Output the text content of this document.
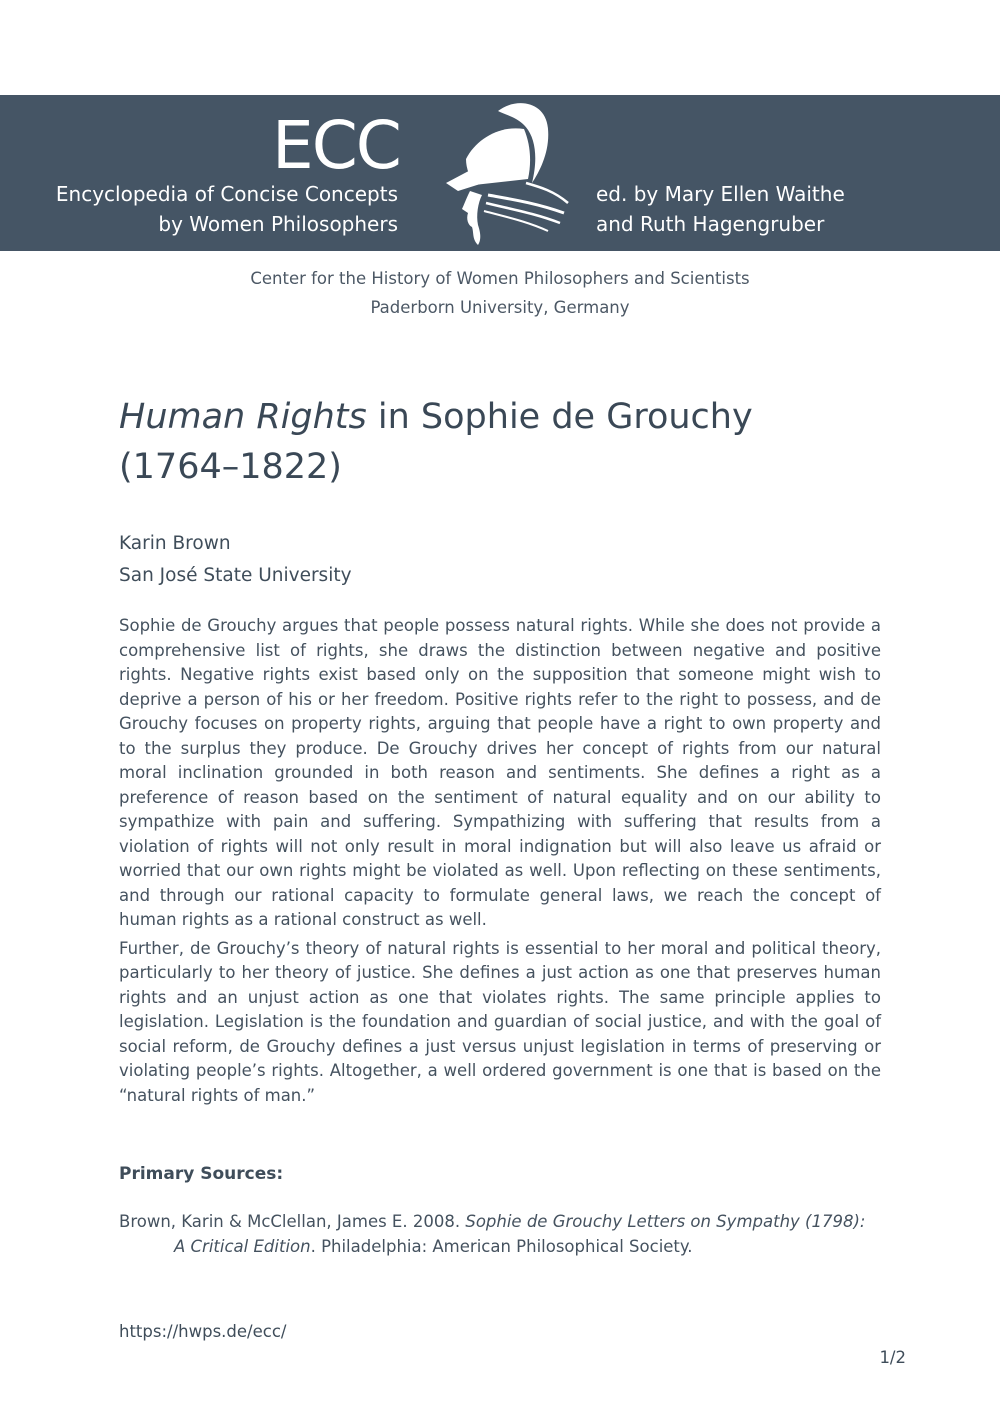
ECC
Encyclopedia of Concise Concepts
by Women Philosophers
ed. by Mary Ellen Waithe
and Ruth Hagengruber
Center for the History of Women Philosophers and Scientists
Paderborn University, Germany
Human Rights in Sophie de Grouchy (1764–1822)
Karin Brown
San José State University

Sophie de Grouchy argues that people possess natural rights. While she does not provide a comprehensive list of rights, she draws the distinction between negative and positive rights. Negative rights exist based only on the supposition that someone might wish to deprive a person of his or her freedom. Positive rights refer to the right to possess, and de Grouchy focuses on property rights, arguing that people have a right to own property and to the surplus they produce. De Grouchy drives her concept of rights from our natural moral inclination grounded in both reason and sentiments. She defines a right as a preference of reason based on the sentiment of natural equality and on our ability to sympathize with pain and suffering. Sympathizing with suffering that results from a violation of rights will not only result in moral indignation but will also leave us afraid or worried that our own rights might be violated as well. Upon reflecting on these sentiments, and through our rational capacity to formulate general laws, we reach the concept of human rights as a rational construct as well.

Further, de Grouchy’s theory of natural rights is essential to her moral and political theory, particularly to her theory of justice. She defines a just action as one that preserves human rights and an unjust action as one that violates rights. The same principle applies to legislation. Legislation is the foundation and guardian of social justice, and with the goal of social reform, de Grouchy defines a just versus unjust legislation in terms of preserving or violating people’s rights. Altogether, a well ordered government is one that is based on the “natural rights of man.”

Primary Sources:
Brown, Karin & McClellan, James E. 2008. Sophie de Grouchy Letters on Sympathy (1798): A Critical Edition. Philadelphia: American Philosophical Society.
https://hwps.de/ecc/
1/2
